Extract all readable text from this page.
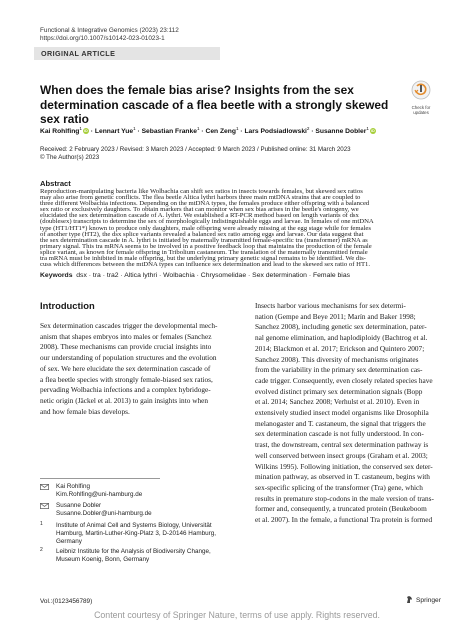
Functional & Integrative Genomics (2023) 23:112
https://doi.org/10.1007/s10142-023-01023-1
ORIGINAL ARTICLE
Check for
updates
When does the female bias arise? Insights from the sex determination cascade of a flea beetle with a strongly skewed sex ratio
Kai Rohlfing$^1$iD · Lennart Yue$^1$ · Sebastian Franke$^1$ · Cen Zeng$^1$ · Lars Podsiadlowski$^2$ · Susanne Dobler$^1$iD
Received: 2 February 2023 / Revised: 3 March 2023 / Accepted: 9 March 2023 / Published online: 31 March 2023
© The Author(s) 2023
Abstract
Reproduction-manipulating bacteria like Wolbachia can shift sex ratios in insects towards females, but skewed sex ratios
may also arise from genetic conflicts. The flea beetle Altica lythri harbors three main mtDNA strains that are coupled to
three different Wolbachia infections. Depending on the mtDNA types, the females produce either offspring with a balanced
sex ratio or exclusively daughters. To obtain markers that can monitor when sex bias arises in the beetle's ontogeny, we
elucidated the sex determination cascade of A. lythri. We established a RT-PCR method based on length variants of dsx
(doublesex) transcripts to determine the sex of morphologically indistinguishable eggs and larvae. In females of one mtDNA
type (HT1/HT1*) known to produce only daughters, male offspring were already missing at the egg stage while for females
of another type (HT2), the dsx splice variants revealed a balanced sex ratio among eggs and larvae. Our data suggest that
the sex determination cascade in A. lythri is initiated by maternally transmitted female-specific tra (transformer) mRNA as
primary signal. This tra mRNA seems to be involved in a positive feedback loop that maintains the production of the female
splice variant, as known for female offspring in Tribolium castaneum. The translation of the maternally transmitted female
tra mRNA must be inhibited in male offspring, but the underlying primary genetic signal remains to be identified. We dis-
cuss which differences between the mtDNA types can influence sex determination and lead to the skewed sex ratio of HT1.
Keywords dsx · tra · tra2 · Altica lythri · Wolbachia · Chrysomelidae · Sex determination · Female bias
Introduction
Sex determination cascades trigger the developmental mech-
anism that shapes embryos into males or females (Sanchez
2008). These mechanisms can provide crucial insights into
our understanding of population structures and the evolution
of sex. We here elucidate the sex determination cascade of
a flea beetle species with strongly female-biased sex ratios,
pervading Wolbachia infections and a complex hybridoge-
netic origin (Jäckel et al. 2013) to gain insights into when
and how female bias develops.
Insects harbor various mechanisms for sex determi-
nation (Gempe and Beye 2011; Marín and Baker 1998;
Sanchez 2008), including genetic sex determination, pater-
nal genome elimination, and haplodiploidy (Bachtrog et al.
2014; Blackmon et al. 2017; Erickson and Quintero 2007;
Sanchez 2008). This diversity of mechanisms originates
from the variability in the primary sex determination cas-
cade trigger. Consequently, even closely related species have
evolved distinct primary sex determination signals (Bopp
et al. 2014; Sanchez 2008; Verhulst et al. 2010). Even in
extensively studied insect model organisms like Drosophila
melanogaster and T. castaneum, the signal that triggers the
sex determination cascade is not fully understood. In con-
trast, the downstream, central sex determination pathway is
well conserved between insect groups (Graham et al. 2003;
Wilkins 1995). Following initiation, the conserved sex deter-
mination pathway, as observed in T. castaneum, begins with
sex-specific splicing of the transformer (Tra) gene, which
results in premature stop-codons in the male version of trans-
former and, consequently, a truncated protein (Beukeboom
et al. 2007). In the female, a functional Tra protein is formed
Kai Rohlfing
Kim.Rohlfing@uni-hamburg.de
Susanne Dobler
Susanne.Dobler@uni-hamburg.de
1 Institute of Animal Cell and Systems Biology, Universität
Hamburg, Martin-Luther-King-Platz 3, D-20146 Hamburg,
Germany
2 Leibniz Institute for the Analysis of Biodiversity Change,
Museum Koenig, Bonn, Germany
Vol.:(0123456789)	Springer
Content courtesy of Springer Nature, terms of use apply. Rights reserved.
